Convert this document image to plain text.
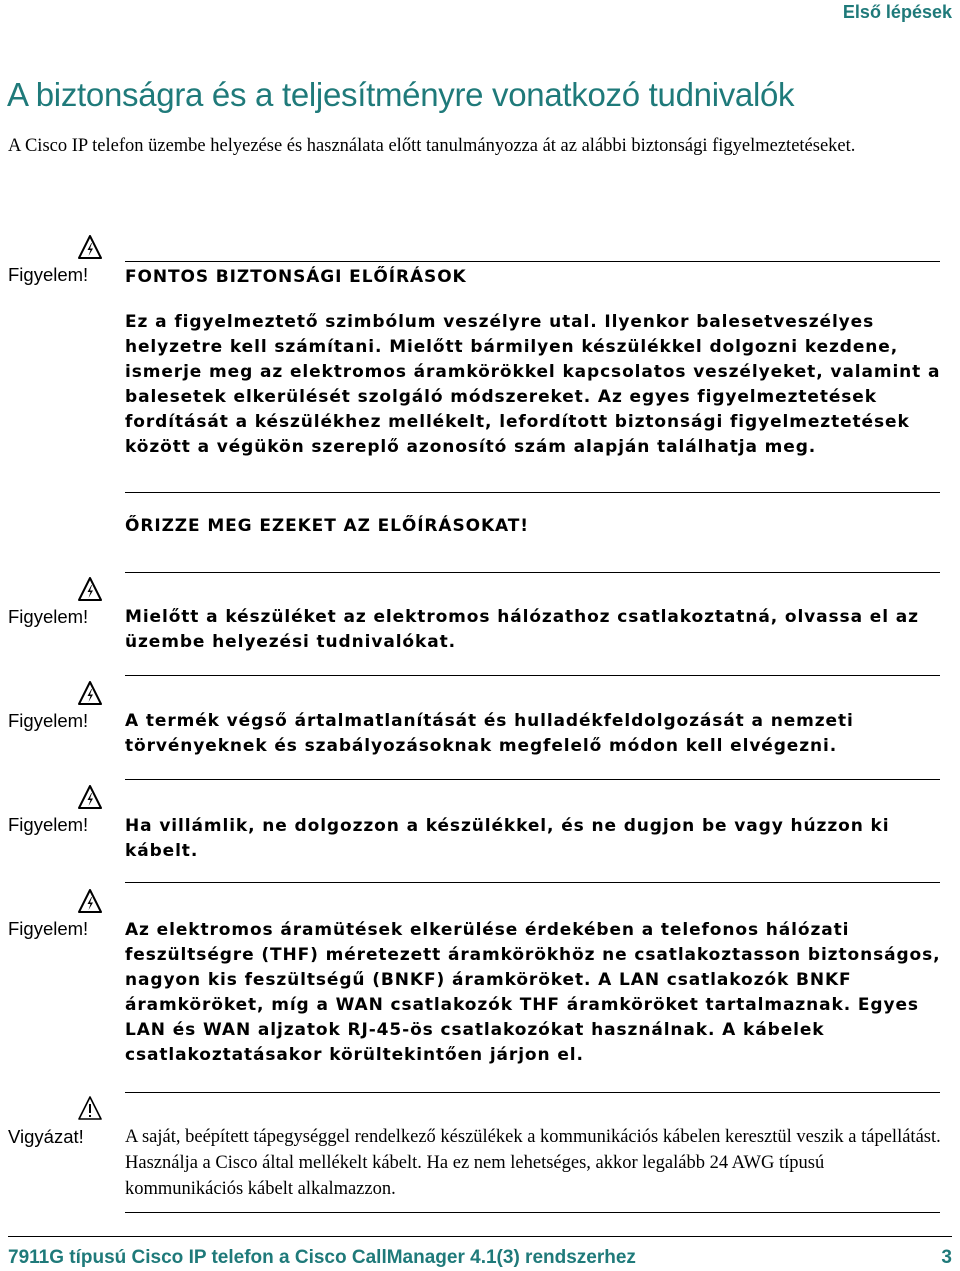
Első lépések
A biztonságra és a teljesítményre vonatkozó tudnivalók

A Cisco IP telefon üzembe helyezése és használata előtt tanulmányozza át az alábbi biztonsági figyelmeztetéseket.

Figyelem! FONTOS BIZTONSÁGI ELŐÍRÁSOK

Ez a figyelmeztető szimbólum veszélyre utal. Ilyenkor balesetveszélyes helyzetre kell számítani. Mielőtt bármilyen készülékkel dolgozni kezdene, ismerje meg az elektromos áramkörökkel kapcsolatos veszélyeket, valamint a balesetek elkerülését szolgáló módszereket. Az egyes figyelmeztetések fordítását a készülékhez mellékelt, lefordított biztonsági figyelmeztetések között a végükön szereplő azonosító szám alapján találhatja meg.

ŐRIZZE MEG EZEKET AZ ELŐÍRÁSOKAT!

Figyelem! Mielőtt a készüléket az elektromos hálózathoz csatlakoztatná, olvassa el az üzembe helyezési tudnivalókat.

Figyelem! A termék végső ártalmatlanítását és hulladékfeldolgozását a nemzeti törvényeknek és szabályozásoknak megfelelő módon kell elvégezni.

Figyelem! Ha villámlik, ne dolgozzon a készülékkel, és ne dugjon be vagy húzzon ki kábelt.

Figyelem! Az elektromos áramütések elkerülése érdekében a telefonos hálózati feszültségre (THF) méretezett áramkörökhöz ne csatlakoztasson biztonságos, nagyon kis feszültségű (BNKF) áramköröket. A LAN csatlakozók BNKF áramköröket, míg a WAN csatlakozók THF áramköröket tartalmaznak. Egyes LAN és WAN aljzatok RJ-45-ös csatlakozókat használnak. A kábelek csatlakoztatásakor körültekintően járjon el.

Vigyázat! A saját, beépített tápegységgel rendelkező készülékek a kommunikációs kábelen keresztül veszik a tápellátást. Használja a Cisco által mellékelt kábelt. Ha ez nem lehetséges, akkor legalább 24 AWG típusú kommunikációs kábelt alkalmazzon.

7911G típusú Cisco IP telefon a Cisco CallManager 4.1(3) rendszerhez	3
